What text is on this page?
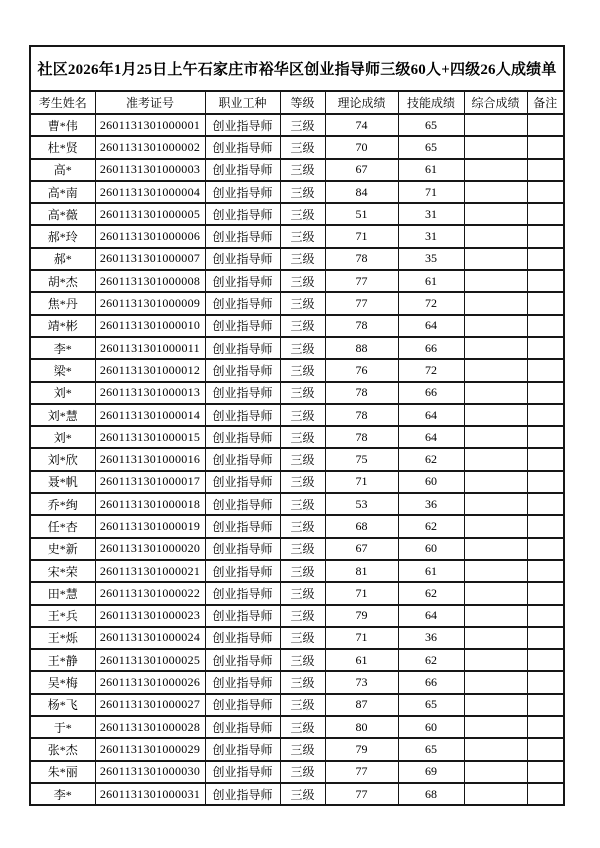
社区2026年1月25日上午石家庄市裕华区创业指导师三级60人+四级26人成绩单							
考生姓名	准考证号	职业工种	等级	理论成绩	技能成绩	综合成绩	备注
曹*伟	2601131301000001	创业指导师	三级	74	65		
杜*贤	2601131301000002	创业指导师	三级	70	65		
高*	2601131301000003	创业指导师	三级	67	61		
高*南	2601131301000004	创业指导师	三级	84	71		
高*薇	2601131301000005	创业指导师	三级	51	31		
郝*玲	2601131301000006	创业指导师	三级	71	31		
郝*	2601131301000007	创业指导师	三级	78	35		
胡*杰	2601131301000008	创业指导师	三级	77	61		
焦*丹	2601131301000009	创业指导师	三级	77	72		
靖*彬	2601131301000010	创业指导师	三级	78	64		
李*	2601131301000011	创业指导师	三级	88	66		
梁*	2601131301000012	创业指导师	三级	76	72		
刘*	2601131301000013	创业指导师	三级	78	66		
刘*慧	2601131301000014	创业指导师	三级	78	64		
刘*	2601131301000015	创业指导师	三级	78	64		
刘*欣	2601131301000016	创业指导师	三级	75	62		
聂*帆	2601131301000017	创业指导师	三级	71	60		
乔*绚	2601131301000018	创业指导师	三级	53	36		
任*杏	2601131301000019	创业指导师	三级	68	62		
史*新	2601131301000020	创业指导师	三级	67	60		
宋*荣	2601131301000021	创业指导师	三级	81	61		
田*慧	2601131301000022	创业指导师	三级	71	62		
王*兵	2601131301000023	创业指导师	三级	79	64		
王*烁	2601131301000024	创业指导师	三级	71	36		
王*静	2601131301000025	创业指导师	三级	61	62		
吴*梅	2601131301000026	创业指导师	三级	73	66		
杨*飞	2601131301000027	创业指导师	三级	87	65		
于*	2601131301000028	创业指导师	三级	80	60		
张*杰	2601131301000029	创业指导师	三级	79	65		
朱*丽	2601131301000030	创业指导师	三级	77	69		
李*	2601131301000031	创业指导师	三级	77	68		
